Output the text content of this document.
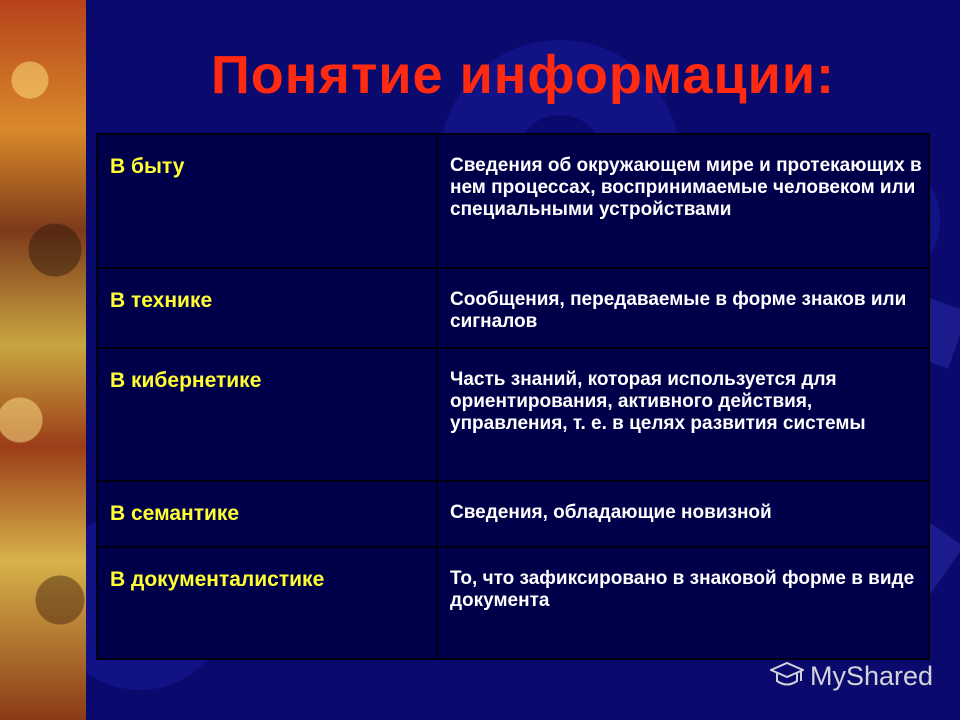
Понятие информации:
В быту	Сведения об окружающем мире и протекающих в нем процессах, воспринимаемые человеком или специальными устройствами
В технике	Сообщения, передаваемые в форме знаков или сигналов
В кибернетике	Часть знаний, которая используется для ориентирования, активного действия, управления, т. е. в целях развития системы
В семантике	Сведения, обладающие новизной
В документалистике	То, что зафиксировано в знаковой форме в виде документа
MyShared
